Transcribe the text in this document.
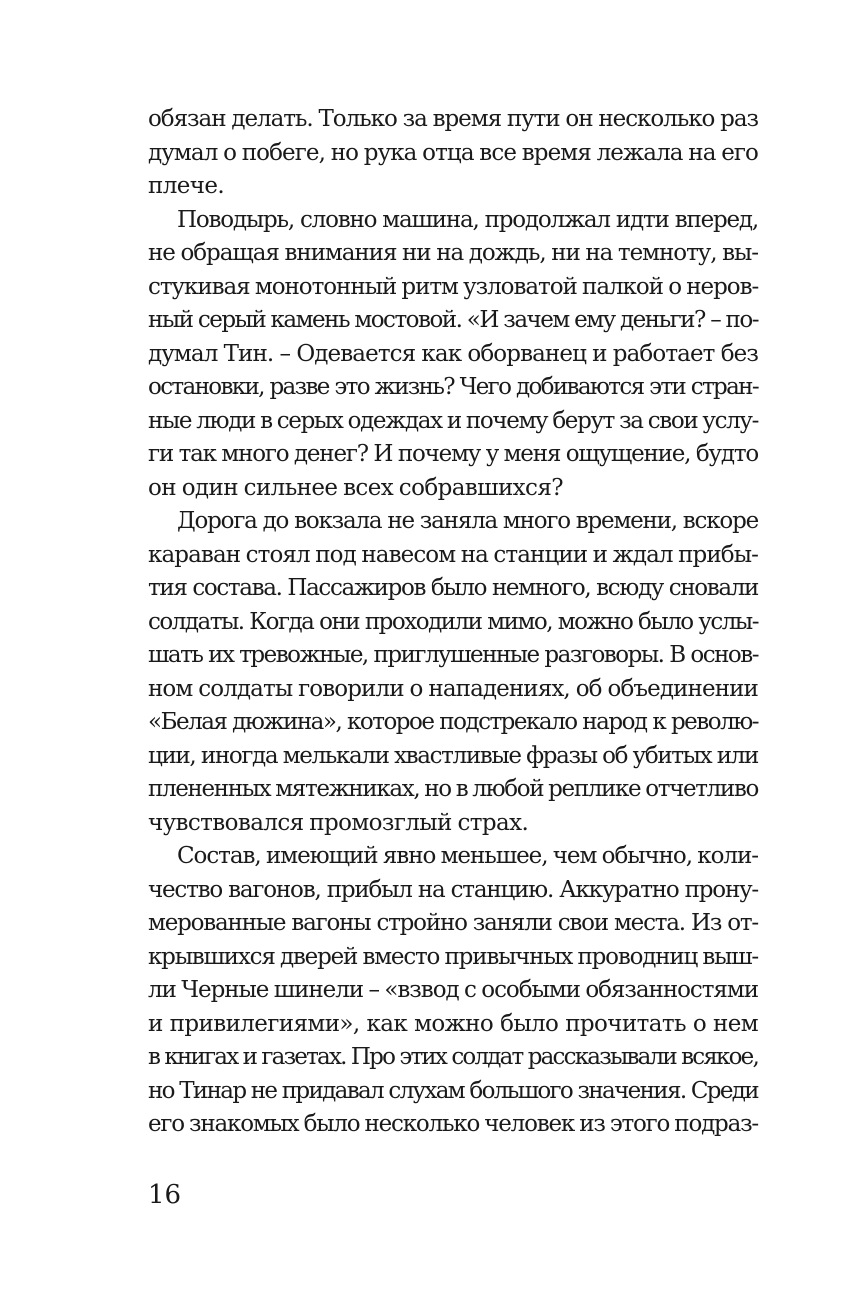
обязан делать. Только за время пути он несколько раз
думал о побеге, но рука отца все время лежала на его
плече.
Поводырь, словно машина, продолжал идти вперед,
не обращая внимания ни на дождь, ни на темноту, вы-
стукивая монотонный ритм узловатой палкой о неров-
ный серый камень мостовой. «И зачем ему деньги? – по-
думал Тин. – Одевается как оборванец и работает без
остановки, разве это жизнь? Чего добиваются эти стран-
ные люди в серых одеждах и почему берут за свои услу-
ги так много денег? И почему у меня ощущение, будто
он один сильнее всех собравшихся?
Дорога до вокзала не заняла много времени, вскоре
караван стоял под навесом на станции и ждал прибы-
тия состава. Пассажиров было немного, всюду сновали
солдаты. Когда они проходили мимо, можно было услы-
шать их тревожные, приглушенные разговоры. В основ-
ном солдаты говорили о нападениях, об объединении
«Белая дюжина», которое подстрекало народ к револю-
ции, иногда мелькали хвастливые фразы об убитых или
плененных мятежниках, но в любой реплике отчетливо
чувствовался промозглый страх.
Состав, имеющий явно меньшее, чем обычно, коли-
чество вагонов, прибыл на станцию. Аккуратно прону-
мерованные вагоны стройно заняли свои места. Из от-
крывшихся дверей вместо привычных проводниц выш-
ли Черные шинели – «взвод с особыми обязанностями
и привилегиями», как можно было прочитать о нем
в книгах и газетах. Про этих солдат рассказывали всякое,
но Тинар не придавал слухам большого значения. Среди
его знакомых было несколько человек из этого подраз-
16
